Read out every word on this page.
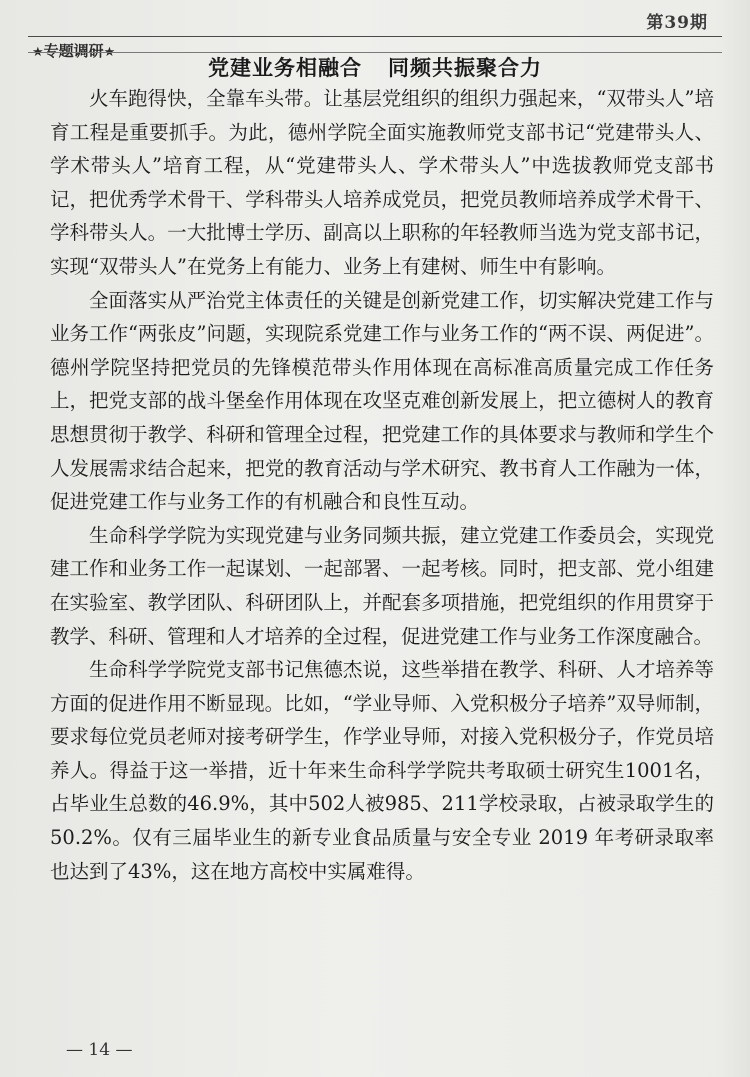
第39期
★专题调研★
党建业务相融合 同频共振聚合力

火车跑得快，全靠车头带。让基层党组织的组织力强起来，“双带头人”培育工程是重要抓手。为此，德州学院全面实施教师党支部书记“党建带头人、学术带头人”培育工程，从“党建带头人、学术带头人”中选拔教师党支部书记，把优秀学术骨干、学科带头人培养成党员，把党员教师培养成学术骨干、学科带头人。一大批博士学历、副高以上职称的年轻教师当选为党支部书记，实现“双带头人”在党务上有能力、业务上有建树、师生中有影响。

全面落实从严治党主体责任的关键是创新党建工作，切实解决党建工作与业务工作“两张皮”问题，实现院系党建工作与业务工作的“两不误、两促进”。德州学院坚持把党员的先锋模范带头作用体现在高标准高质量完成工作任务上，把党支部的战斗堡垒作用体现在攻坚克难创新发展上，把立德树人的教育思想贯彻于教学、科研和管理全过程，把党建工作的具体要求与教师和学生个人发展需求结合起来，把党的教育活动与学术研究、教书育人工作融为一体，促进党建工作与业务工作的有机融合和良性互动。

生命科学学院为实现党建与业务同频共振，建立党建工作委员会，实现党建工作和业务工作一起谋划、一起部署、一起考核。同时，把支部、党小组建在实验室、教学团队、科研团队上，并配套多项措施，把党组织的作用贯穿于教学、科研、管理和人才培养的全过程，促进党建工作与业务工作深度融合。

生命科学学院党支部书记焦德杰说，这些举措在教学、科研、人才培养等方面的促进作用不断显现。比如，“学业导师、入党积极分子培养”双导师制，要求每位党员老师对接考研学生，作学业导师，对接入党积极分子，作党员培养人。得益于这一举措，近十年来生命科学学院共考取硕士研究生1001名，占毕业生总数的46.9%，其中502人被985、211学校录取，占被录取学生的50.2%。仅有三届毕业生的新专业食品质量与安全专业 2019 年考研录取率也达到了43%，这在地方高校中实属难得。

— 14 —
